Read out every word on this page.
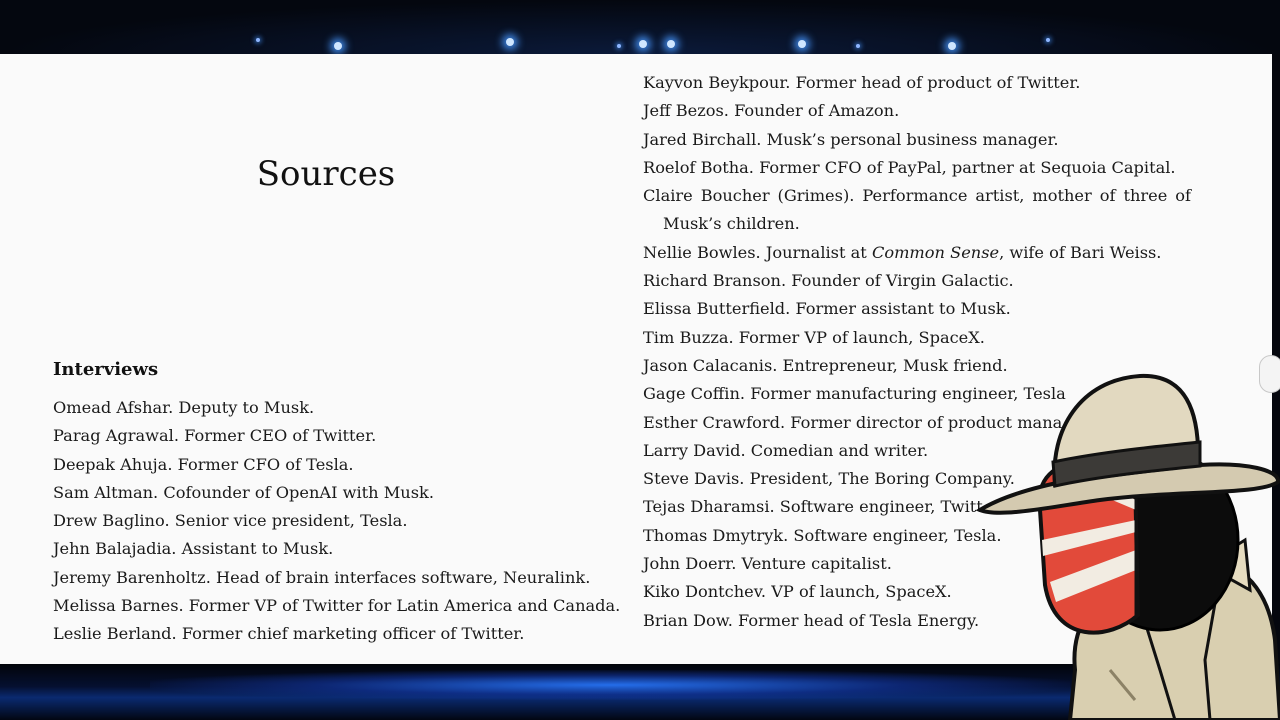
Sources
Interviews

Omead Afshar. Deputy to Musk.

Parag Agrawal. Former CEO of Twitter.

Deepak Ahuja. Former CFO of Tesla.

Sam Altman. Cofounder of OpenAI with Musk.

Drew Baglino. Senior vice president, Tesla.

Jehn Balajadia. Assistant to Musk.

Jeremy Barenholtz. Head of brain interfaces software, Neuralink.

Melissa Barnes. Former VP of Twitter for Latin America and Canada.

Leslie Berland. Former chief marketing officer of Twitter.

Kayvon Beykpour. Former head of product of Twitter.

Jeff Bezos. Founder of Amazon.

Jared Birchall. Musk’s personal business manager.

Roelof Botha. Former CFO of PayPal, partner at Sequoia Capital.

Claire Boucher (Grimes). Performance artist, mother of three of Musk’s children.

Nellie Bowles. Journalist at Common Sense, wife of Bari Weiss.

Richard Branson. Founder of Virgin Galactic.

Elissa Butterfield. Former assistant to Musk.

Tim Buzza. Former VP of launch, SpaceX.

Jason Calacanis. Entrepreneur, Musk friend.

Gage Coffin. Former manufacturing engineer, Tesla

Esther Crawford. Former director of product mana

Larry David. Comedian and writer.

Steve Davis. President, The Boring Company.

Tejas Dharamsi. Software engineer, Twitt

Thomas Dmytryk. Software engineer, Tesla.

John Doerr. Venture capitalist.

Kiko Dontchev. VP of launch, SpaceX.

Brian Dow. Former head of Tesla Energy.
